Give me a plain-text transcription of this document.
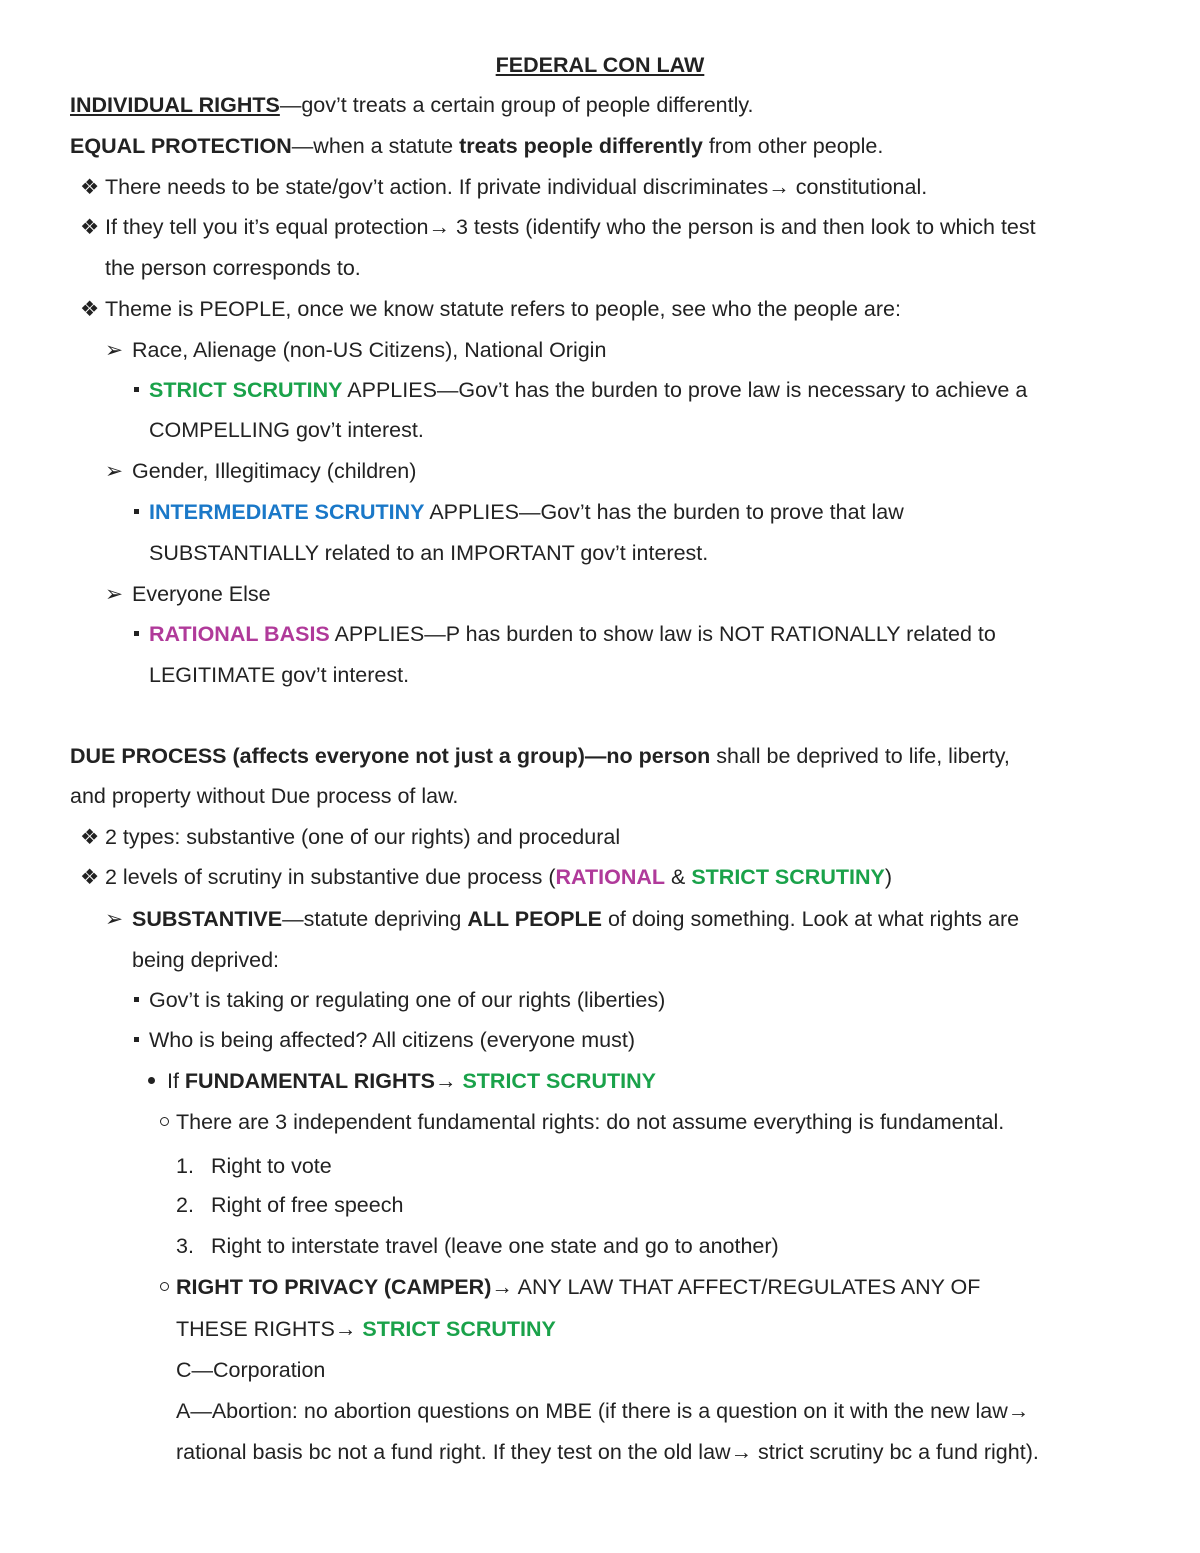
FEDERAL CON LAW
INDIVIDUAL RIGHTS—gov’t treats a certain group of people differently.
EQUAL PROTECTION—when a statute treats people differently from other people.
❖ There needs to be state/gov’t action. If private individual discriminates→ constitutional.
❖ If they tell you it’s equal protection→ 3 tests (identify who the person is and then look to which test
the person corresponds to.
❖ Theme is PEOPLE, once we know statute refers to people, see who the people are:
➢ Race, Alienage (non-US Citizens), National Origin
STRICT SCRUTINY APPLIES—Gov’t has the burden to prove law is necessary to achieve a
COMPELLING gov’t interest.
➢ Gender, Illegitimacy (children)
INTERMEDIATE SCRUTINY APPLIES—Gov’t has the burden to prove that law
SUBSTANTIALLY related to an IMPORTANT gov’t interest.
➢ Everyone Else
RATIONAL BASIS APPLIES—P has burden to show law is NOT RATIONALLY related to
LEGITIMATE gov’t interest.
DUE PROCESS (affects everyone not just a group)—no person shall be deprived to life, liberty,
and property without Due process of law.
❖ 2 types: substantive (one of our rights) and procedural
❖ 2 levels of scrutiny in substantive due process (RATIONAL & STRICT SCRUTINY)
➢ SUBSTANTIVE—statute depriving ALL PEOPLE of doing something. Look at what rights are
being deprived:
Gov’t is taking or regulating one of our rights (liberties)
Who is being affected? All citizens (everyone must)
If FUNDAMENTAL RIGHTS→ STRICT SCRUTINY
There are 3 independent fundamental rights: do not assume everything is fundamental.
1. Right to vote
2. Right of free speech
3. Right to interstate travel (leave one state and go to another)
RIGHT TO PRIVACY (CAMPER)→ ANY LAW THAT AFFECT/REGULATES ANY OF
THESE RIGHTS→ STRICT SCRUTINY
C—Corporation
A—Abortion: no abortion questions on MBE (if there is a question on it with the new law→
rational basis bc not a fund right. If they test on the old law→ strict scrutiny bc a fund right).
